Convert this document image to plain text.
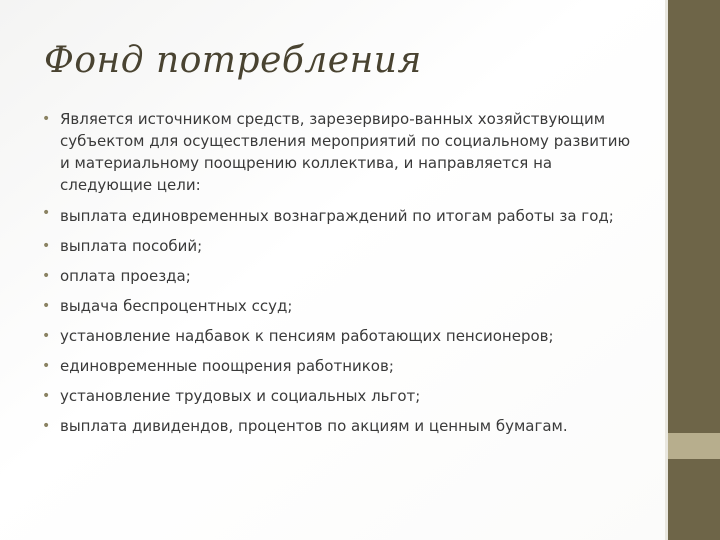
Фонд потребления
• Является источником средств, зарезервиро-ванных хозяйствующим субъектом для осуществления мероприятий по социальному развитию и материальному поощрению коллектива, и направляется на следующие цели:
• выплата единовременных вознаграждений по итогам работы за год;
• выплата пособий;
• оплата проезда;
• выдача беспроцентных ссуд;
• установление надбавок к пенсиям работающих пенсионеров;
• единовременные поощрения работников;
• установление трудовых и социальных льгот;
• выплата дивидендов, процентов по акциям и ценным бумагам.
